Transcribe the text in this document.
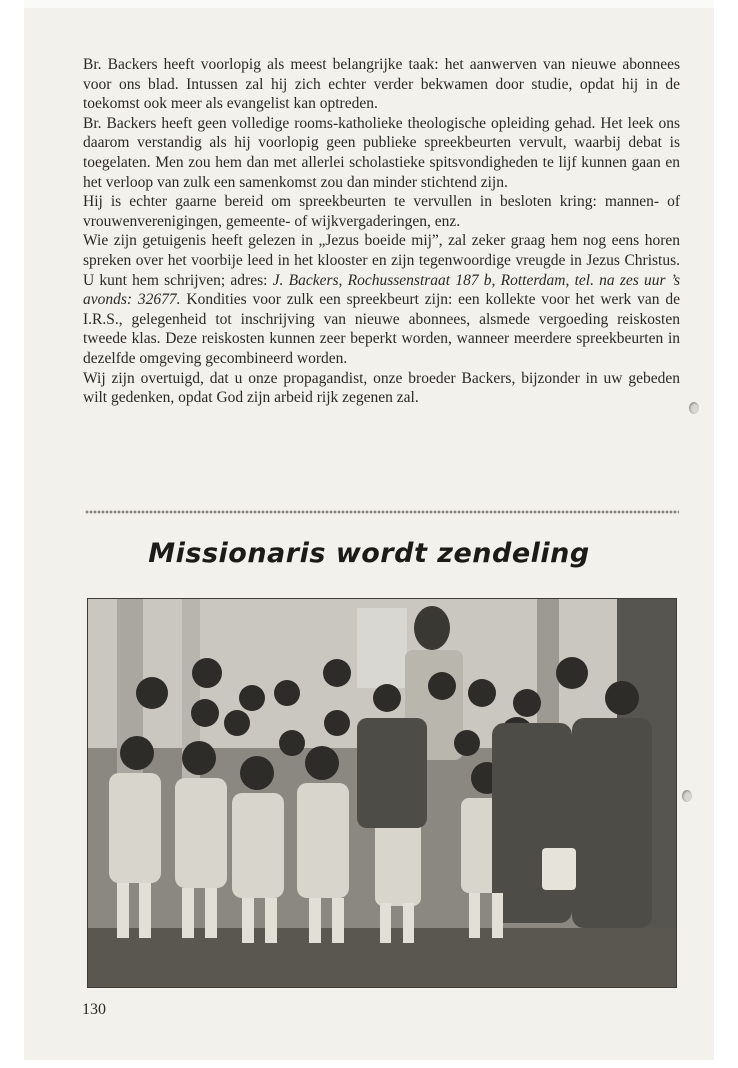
Br. Backers heeft voorlopig als meest belangrijke taak: het aanwerven van nieuwe abonnees voor ons blad. Intussen zal hij zich echter verder bekwamen door studie, opdat hij in de toekomst ook meer als evangelist kan optreden.

Br. Backers heeft geen volledige rooms-katholieke theologische opleiding gehad. Het leek ons daarom verstandig als hij voorlopig geen publieke spreekbeurten vervult, waarbij debat is toegelaten. Men zou hem dan met allerlei scholastieke spitsvondigheden te lijf kunnen gaan en het verloop van zulk een samenkomst zou dan minder stichtend zijn.

Hij is echter gaarne bereid om spreekbeurten te vervullen in besloten kring: mannen- of vrouwenverenigingen, gemeente- of wijkvergaderingen, enz.

Wie zijn getuigenis heeft gelezen in „Jezus boeide mij”, zal zeker graag hem nog eens horen spreken over het voorbije leed in het klooster en zijn tegenwoordige vreugde in Jezus Christus. U kunt hem schrijven; adres: J. Backers, Rochussenstraat 187 b, Rotterdam, tel. na zes uur ’s avonds: 32677. Kondities voor zulk een spreekbeurt zijn: een kollekte voor het werk van de I.R.S., gelegenheid tot inschrijving van nieuwe abonnees, alsmede vergoeding reiskosten tweede klas. Deze reiskosten kunnen zeer beperkt worden, wanneer meerdere spreekbeurten in dezelfde omgeving gecombineerd worden.

Wij zijn overtuigd, dat u onze propagandist, onze broeder Backers, bijzonder in uw gebeden wilt gedenken, opdat God zijn arbeid rijk zegenen zal.

Missionaris wordt zendeling
130
